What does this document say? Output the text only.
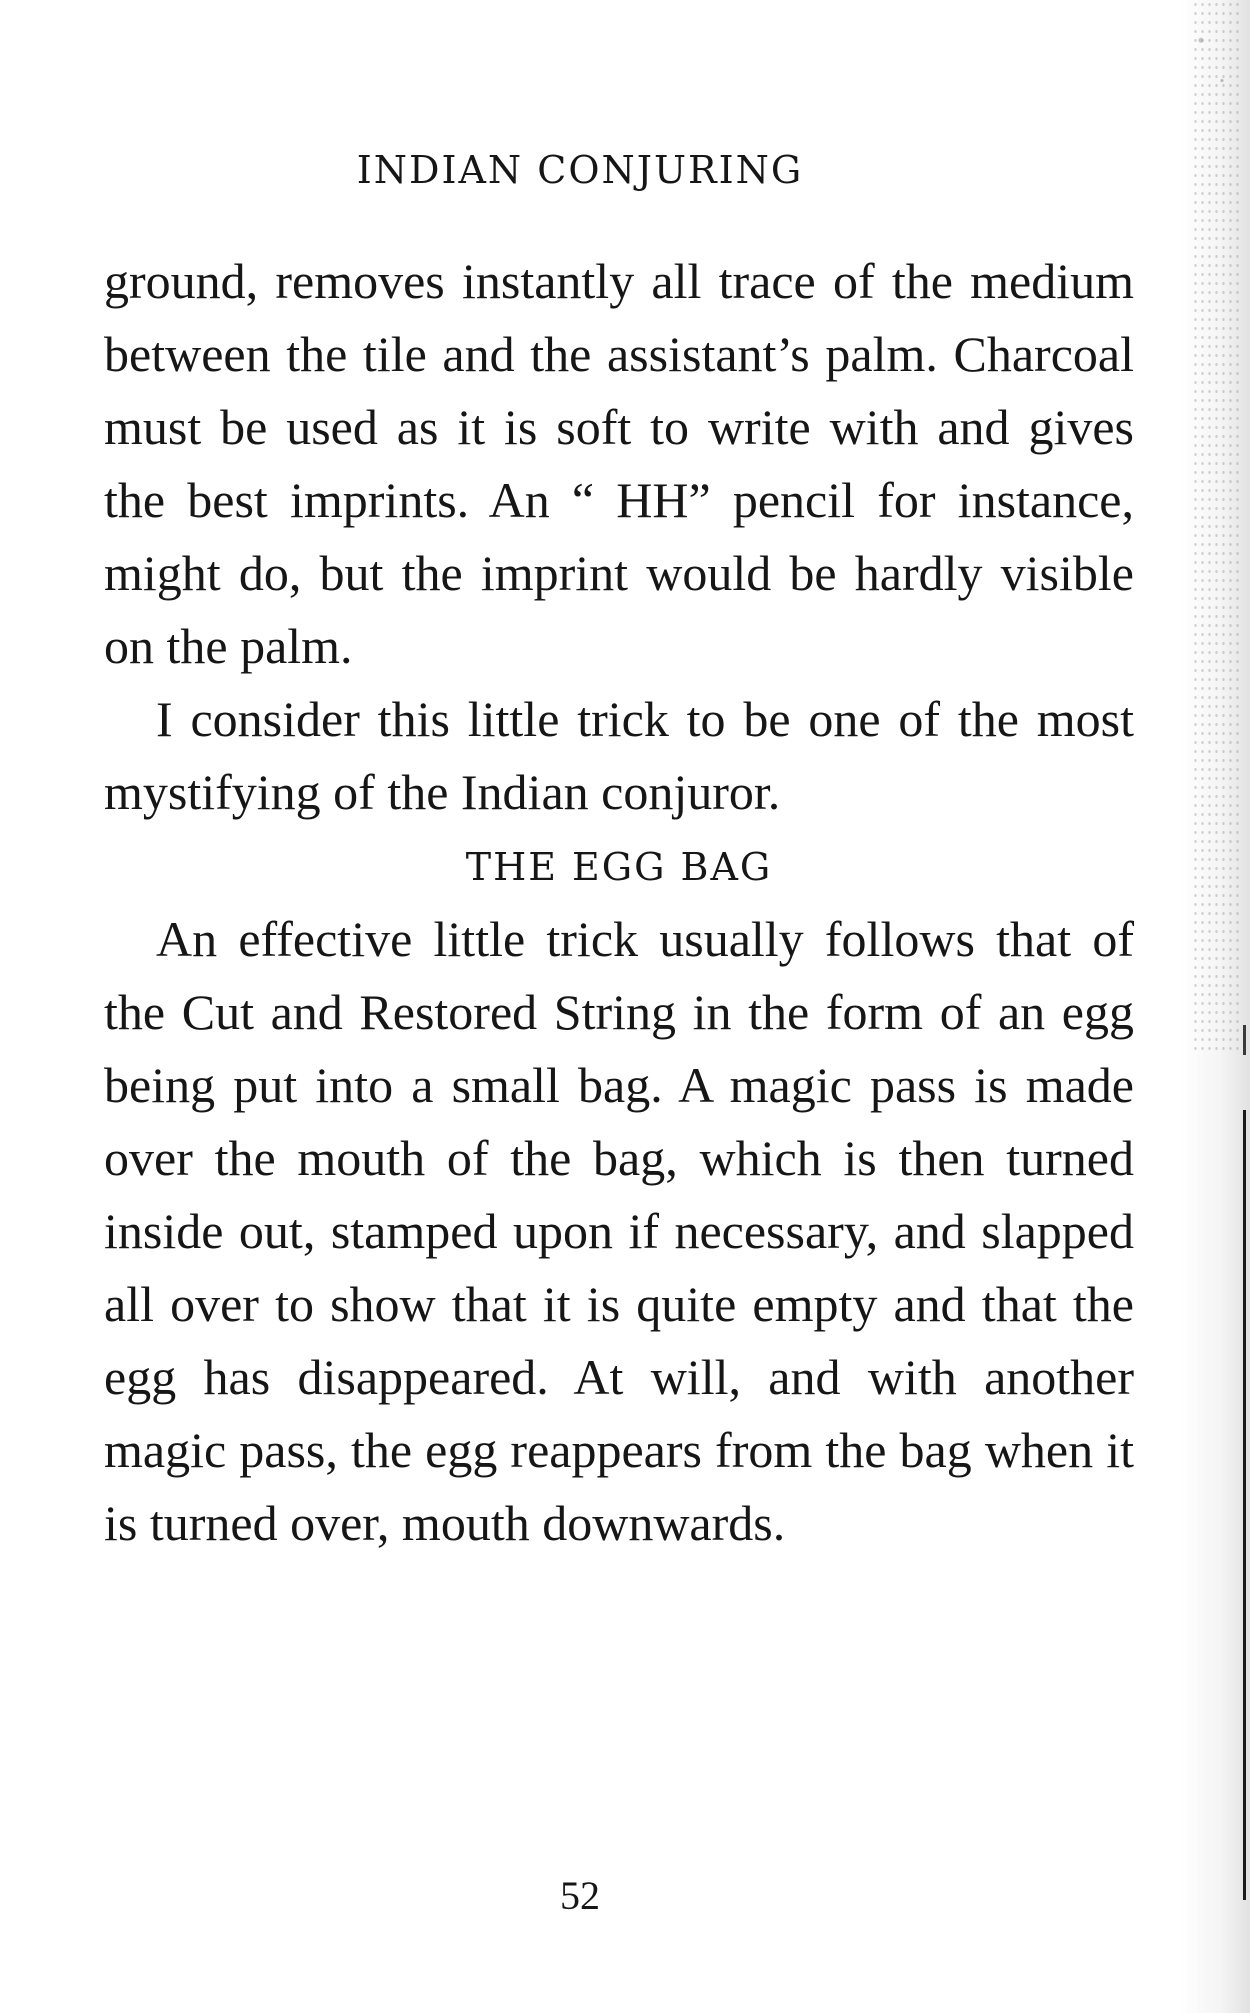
INDIAN CONJURING

ground, removes instantly all trace of the medium between the tile and the assistant’s palm. Charcoal must be used as it is soft to write with and gives the best imprints. An “ HH” pencil for instance, might do, but the imprint would be hardly visible on the palm.

I consider this little trick to be one of the most mystifying of the Indian conjuror.

THE EGG BAG

An effective little trick usually follows that of the Cut and Restored String in the form of an egg being put into a small bag. A magic pass is made over the mouth of the bag, which is then turned inside out, stamped upon if necessary, and slapped all over to show that it is quite empty and that the egg has disappeared. At will, and with another magic pass, the egg reappears from the bag when it is turned over, mouth downwards.

52
